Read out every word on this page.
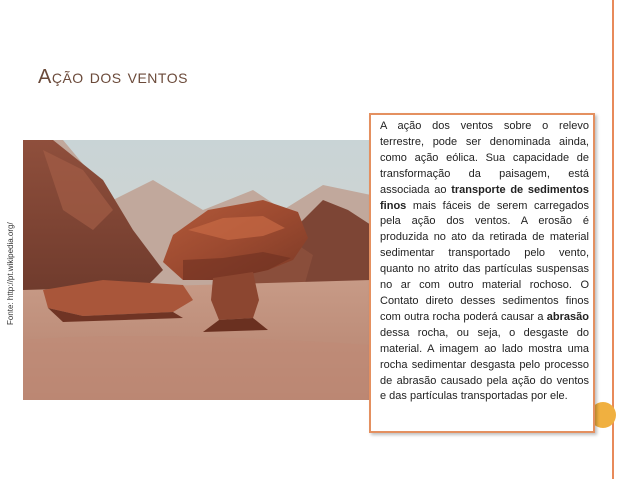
Ação dos ventos
Fonte: http://pt.wikipedia.org/

A ação dos ventos sobre o relevo terrestre, pode ser denominada ainda, como ação eólica. Sua capacidade de transformação da paisagem, está associada ao transporte de sedimentos finos mais fáceis de serem carregados pela ação dos ventos. A erosão é produzida no ato da retirada de material sedimentar transportado pelo vento, quanto no atrito das partículas suspensas no ar com outro material rochoso. O Contato direto desses sedimentos finos com outra rocha poderá causar a abrasão dessa rocha, ou seja, o desgaste do material. A imagem ao lado mostra uma rocha sedimentar desgasta pelo processo de abrasão causado pela ação do ventos e das partículas transportadas por ele.
